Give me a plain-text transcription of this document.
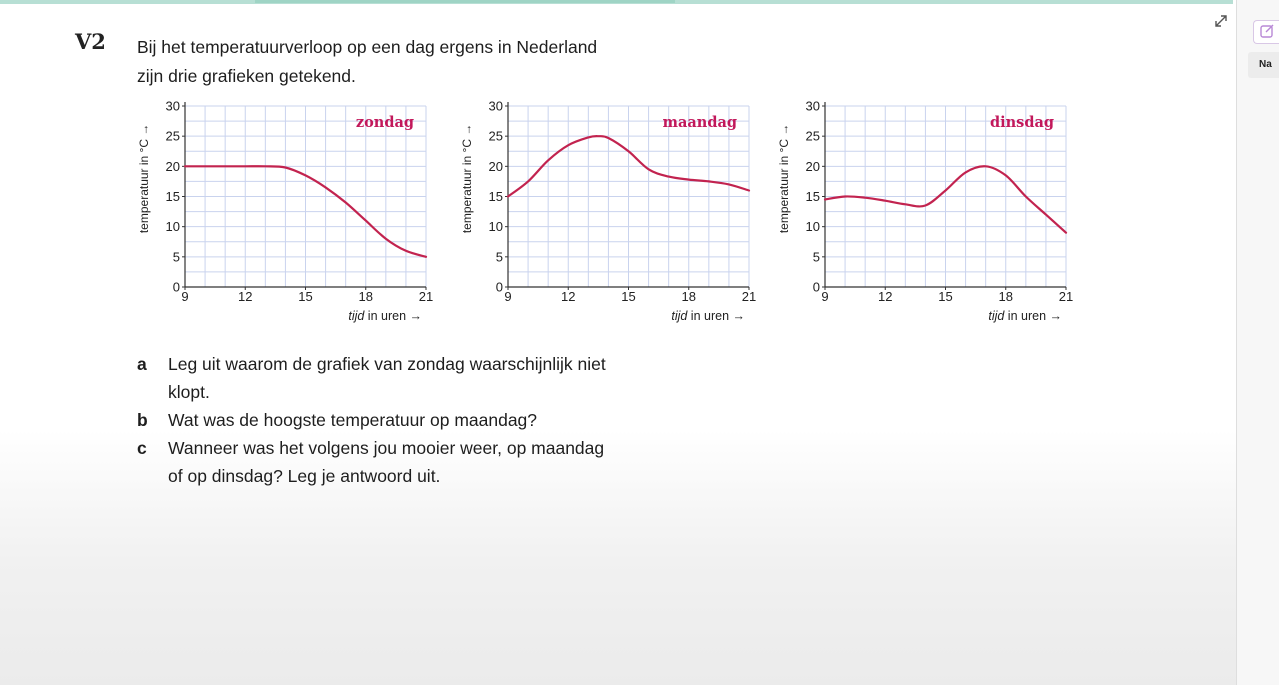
Na
V2 Bij het temperatuurverloop op een dag ergens in Nederland
zijn drie grafieken getekend.
0
5
10
15
20
25
30
9	12	15	18	21
tijd in uren →
temperatuur in °C →
zondag
0
5
10
15
20
25
30
9	12	15	18	21
tijd in uren →
temperatuur in °C →
maandag
0
5
10
15
20
25
30
9	12	15	18	21
tijd in uren →
temperatuur in °C →
dinsdag
a	Leg uit waarom de grafiek van zondag waarschijnlijk niet
klopt.
b	Wat was de hoogste temperatuur op maandag?
c	Wanneer was het volgens jou mooier weer, op maandag
of op dinsdag? Leg je antwoord uit.
